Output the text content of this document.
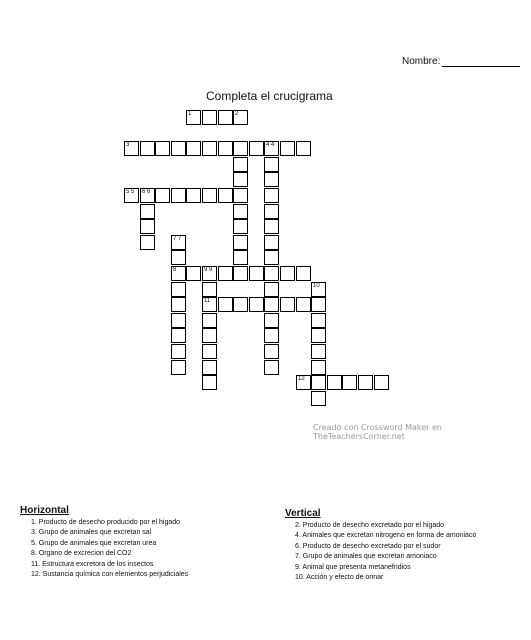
Nombre:
Completa el crucigrama
1	2
3	4 4
5 5 6 6
7 7
8	9 9
10
11
12
Creado con Crossword Maker en TheTeachersCorner.net
Horizontal
1. Producto de desecho producido por el higado
3. Grupo de animales que excretan sal
5. Grupo de animales que excretan urea
8. Organo de excrecion del CO2
11. Estructura excretora de los insectos
12. Sustancia química con elementos perjudiciales
Vertical
2. Producto de desecho excretado por el higado
4. Animales que excretan nitrogeno en forma de amoniaco
6. Producto de desecho excretado por el sudor
7. Grupo de animales que excretan amoniaco
9. Animal que presenta metanefridios
10. Acción y efecto de orinar
